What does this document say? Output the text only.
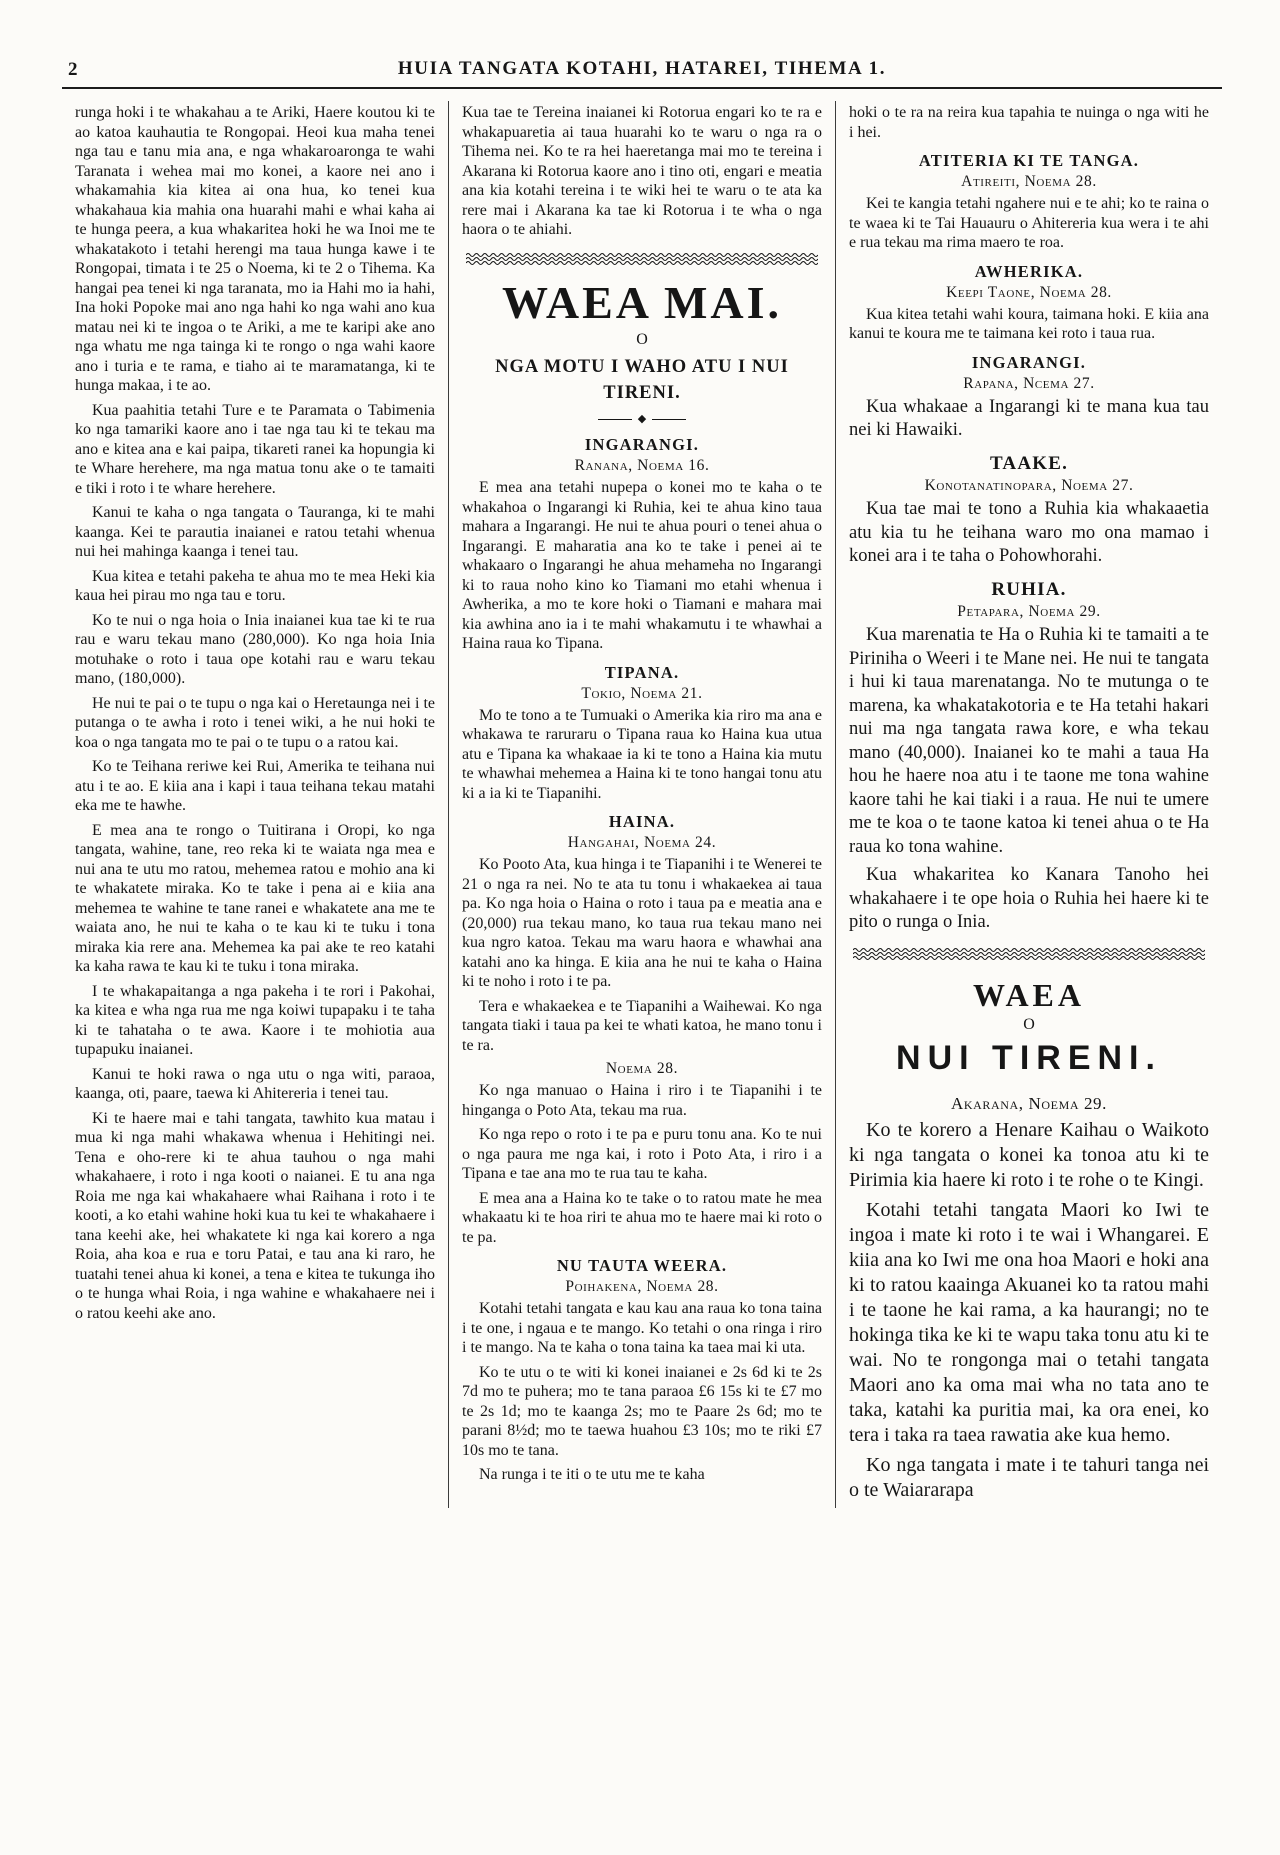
2	HUIA TANGATA KOTAHI, HATAREI, TIHEMA 1.

runga hoki i te whakahau a te Ariki, Haere koutou ki te ao katoa kauhautia te Rongopai. Heoi kua maha tenei nga tau e tanu mia ana, e nga whakaroaronga te wahi Taranata i wehea mai mo konei, a kaore nei ano i whakamahia kia kitea ai ona hua, ko tenei kua whakahaua kia mahia ona huarahi mahi e whai kaha ai te hunga peera, a kua whakaritea hoki he wa Inoi me te whakatakoto i tetahi herengi ma taua hunga kawe i te Rongopai, timata i te 25 o Noema, ki te 2 o Tihema. Ka hangai pea tenei ki nga taranata, mo ia Hahi mo ia hahi, Ina hoki Popoke mai ano nga hahi ko nga wahi ano kua matau nei ki te ingoa o te Ariki, a me te karipi ake ano nga whatu me nga tainga ki te rongo o nga wahi kaore ano i turia e te rama, e tiaho ai te maramatanga, ki te hunga makaa, i te ao.

Kua paahitia tetahi Ture e te Paramata o Tabimenia ko nga tamariki kaore ano i tae nga tau ki te tekau ma ano e kitea ana e kai paipa, tikareti ranei ka hopungia ki te Whare herehere, ma nga matua tonu ake o te tamaiti e tiki i roto i te whare herehere.

Kanui te kaha o nga tangata o Tauranga, ki te mahi kaanga. Kei te parautia inaianei e ratou tetahi whenua nui hei mahinga kaanga i tenei tau.

Kua kitea e tetahi pakeha te ahua mo te mea Heki kia kaua hei pirau mo nga tau e toru.

Ko te nui o nga hoia o Inia inaianei kua tae ki te rua rau e waru tekau mano (280,000). Ko nga hoia Inia motuhake o roto i taua ope kotahi rau e waru tekau mano, (180,000).

He nui te pai o te tupu o nga kai o Heretaunga nei i te putanga o te awha i roto i tenei wiki, a he nui hoki te koa o nga tangata mo te pai o te tupu o a ratou kai.

Ko te Teihana reriwe kei Rui, Amerika te teihana nui atu i te ao. E kiia ana i kapi i taua teihana tekau matahi eka me te hawhe.

E mea ana te rongo o Tuitirana i Oropi, ko nga tangata, wahine, tane, reo reka ki te waiata nga mea e nui ana te utu mo ratou, mehemea ratou e mohio ana ki te whakatete miraka. Ko te take i pena ai e kiia ana mehemea te wahine te tane ranei e whakatete ana me te waiata ano, he nui te kaha o te kau ki te tuku i tona miraka kia rere ana. Mehemea ka pai ake te reo katahi ka kaha rawa te kau ki te tuku i tona miraka.

I te whakapaitanga a nga pakeha i te rori i Pakohai, ka kitea e wha nga rua me nga koiwi tupapaku i te taha ki te tahataha o te awa. Kaore i te mohiotia aua tupapuku inaianei.

Kanui te hoki rawa o nga utu o nga witi, paraoa, kaanga, oti, paare, taewa ki Ahitereria i tenei tau.

Ki te haere mai e tahi tangata, tawhito kua matau i mua ki nga mahi whakawa whenua i Hehitingi nei. Tena e oho-rere ki te ahua tauhou o nga mahi whakahaere, i roto i nga kooti o naianei. E tu ana nga Roia me nga kai whakahaere whai Raihana i roto i te kooti, a ko etahi wahine hoki kua tu kei te whakahaere i tana keehi ake, hei whakatete ki nga kai korero a nga Roia, aha koa e rua e toru Patai, e tau ana ki raro, he tuatahi tenei ahua ki konei, a tena e kitea te tukunga iho o te hunga whai Roia, i nga wahine e whakahaere nei i o ratou keehi ake ano.

Kua tae te Tereina inaianei ki Rotorua engari ko te ra e whakapuaretia ai taua huarahi ko te waru o nga ra o Tihema nei. Ko te ra hei haeretanga mai mo te tereina i Akarana ki Rotorua kaore ano i tino oti, engari e meatia ana kia kotahi tereina i te wiki hei te waru o te ata ka rere mai i Akarana ka tae ki Rotorua i te wha o nga haora o te ahiahi.

WAEA MAI.
O
NGA MOTU I WAHO ATU I NUI TIRENI.
◆
INGARANGI.
Ranana, Noema 16.

E mea ana tetahi nupepa o konei mo te kaha o te whakahoa o Ingarangi ki Ruhia, kei te ahua kino taua mahara a Ingarangi. He nui te ahua pouri o tenei ahua o Ingarangi. E maharatia ana ko te take i penei ai te whakaaro o Ingarangi he ahua mehameha no Ingarangi ki to raua noho kino ko Tiamani mo etahi whenua i Awherika, a mo te kore hoki o Tiamani e mahara mai kia awhina ano ia i te mahi whakamutu i te whawhai a Haina raua ko Tipana.

TIPANA.
Tokio, Noema 21.

Mo te tono a te Tumuaki o Amerika kia riro ma ana e whakawa te raruraru o Tipana raua ko Haina kua utua atu e Tipana ka whakaae ia ki te tono a Haina kia mutu te whawhai mehemea a Haina ki te tono hangai tonu atu ki a ia ki te Tiapanihi.

HAINA.
Hangahai, Noema 24.

Ko Pooto Ata, kua hinga i te Tiapanihi i te Wenerei te 21 o nga ra nei. No te ata tu tonu i whakaekea ai taua pa. Ko nga hoia o Haina o roto i taua pa e meatia ana e (20,000) rua tekau mano, ko taua rua tekau mano nei kua ngro katoa. Tekau ma waru haora e whawhai ana katahi ano ka hinga. E kiia ana he nui te kaha o Haina ki te noho i roto i te pa.

Tera e whakaekea e te Tiapanihi a Waihewai. Ko nga tangata tiaki i taua pa kei te whati katoa, he mano tonu i te ra.

Noema 28.

Ko nga manuao o Haina i riro i te Tiapanihi i te hinganga o Poto Ata, tekau ma rua.

Ko nga repo o roto i te pa e puru tonu ana. Ko te nui o nga paura me nga kai, i roto i Poto Ata, i riro i a Tipana e tae ana mo te rua tau te kaha.

E mea ana a Haina ko te take o to ratou mate he mea whakaatu ki te hoa riri te ahua mo te haere mai ki roto o te pa.

NU TAUTA WEERA.
Poihakena, Noema 28.

Kotahi tetahi tangata e kau kau ana raua ko tona taina i te one, i ngaua e te mango. Ko tetahi o ona ringa i riro i te mango. Na te kaha o tona taina ka taea mai ki uta.

Ko te utu o te witi ki konei inaianei e 2s 6d ki te 2s 7d mo te puhera; mo te tana paraoa £6 15s ki te £7 mo te 2s 1d; mo te kaanga 2s; mo te Paare 2s 6d; mo te parani 8½d; mo te taewa huahou £3 10s; mo te riki £7 10s mo te tana.

Na runga i te iti o te utu me te kaha

hoki o te ra na reira kua tapahia te nuinga o nga witi he i hei.

ATITERIA KI TE TANGA.
Atireiti, Noema 28.

Kei te kangia tetahi ngahere nui e te ahi; ko te raina o te waea ki te Tai Hauauru o Ahitereria kua wera i te ahi e rua tekau ma rima maero te roa.

AWHERIKA.
Keepi Taone, Noema 28.

Kua kitea tetahi wahi koura, taimana hoki. E kiia ana kanui te koura me te taimana kei roto i taua rua.

INGARANGI.
Rapana, Ncema 27.

Kua whakaae a Ingarangi ki te mana kua tau nei ki Hawaiki.

TAAKE.
Konotanatinopara, Noema 27.

Kua tae mai te tono a Ruhia kia whakaaetia atu kia tu he teihana waro mo ona mamao i konei ara i te taha o Pohowhorahi.

RUHIA.
Petapara, Noema 29.

Kua marenatia te Ha o Ruhia ki te tamaiti a te Piriniha o Weeri i te Mane nei. He nui te tangata i hui ki taua marenatanga. No te mutunga o te marena, ka whakatakotoria e te Ha tetahi hakari nui ma nga tangata rawa kore, e wha tekau mano (40,000). Inaianei ko te mahi a taua Ha hou he haere noa atu i te taone me tona wahine kaore tahi he kai tiaki i a raua. He nui te umere me te koa o te taone katoa ki tenei ahua o te Ha raua ko tona wahine.

Kua whakaritea ko Kanara Tanoho hei whakahaere i te ope hoia o Ruhia hei haere ki te pito o runga o Inia.

WAEA
O
NUI TIRENI.
Akarana, Noema 29.

Ko te korero a Henare Kaihau o Waikoto ki nga tangata o konei ka tonoa atu ki te Pirimia kia haere ki roto i te rohe o te Kingi.

Kotahi tetahi tangata Maori ko Iwi te ingoa i mate ki roto i te wai i Whangarei. E kiia ana ko Iwi me ona hoa Maori e hoki ana ki to ratou kaainga Akuanei ko ta ratou mahi i te taone he kai rama, a ka haurangi; no te hokinga tika ke ki te wapu taka tonu atu ki te wai. No te rongonga mai o tetahi tangata Maori ano ka oma mai wha no tata ano te taka, katahi ka puritia mai, ka ora enei, ko tera i taka ra taea rawatia ake kua hemo.

Ko nga tangata i mate i te tahuri tanga nei o te Waiararapa
